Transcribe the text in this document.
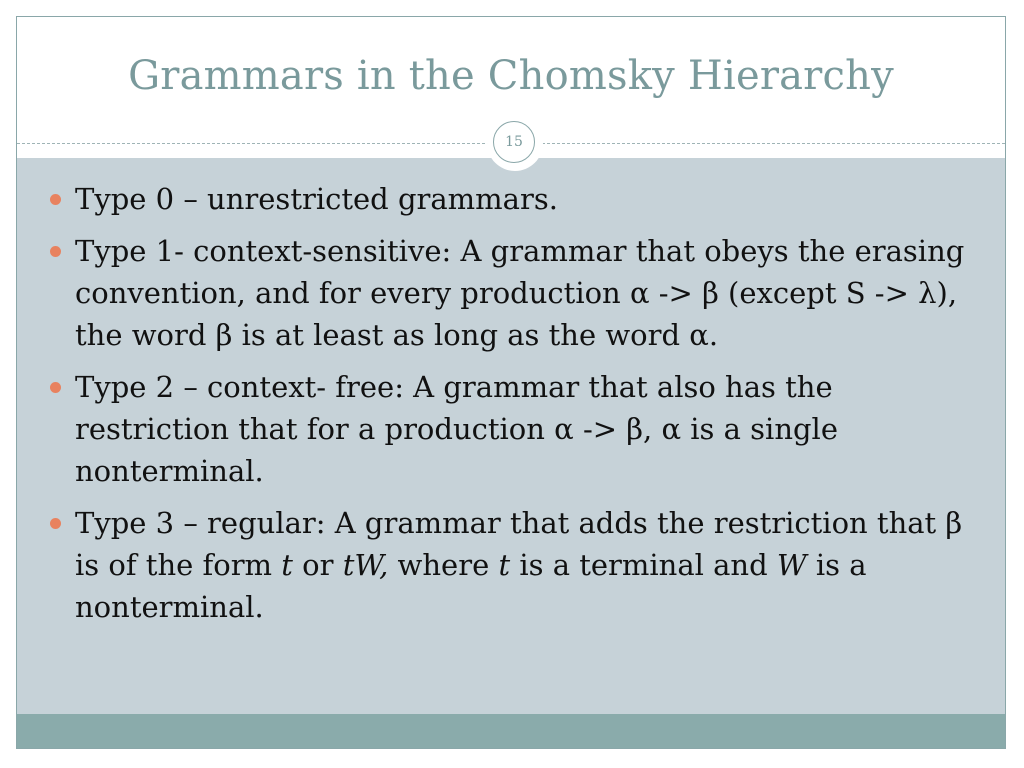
Grammars in the Chomsky Hierarchy
Type 0 – unrestricted grammars.
Type 1- context-sensitive: A grammar that obeys the erasing convention, and for every production α -> β (except S -> λ), the word β is at least as long as the word α.
Type 2 – context- free: A grammar that also has the restriction that for a production α -> β, α is a single nonterminal.
Type 3 – regular: A grammar that adds the restriction that β is of the form t or tW, where t is a terminal and W is a nonterminal.
15
